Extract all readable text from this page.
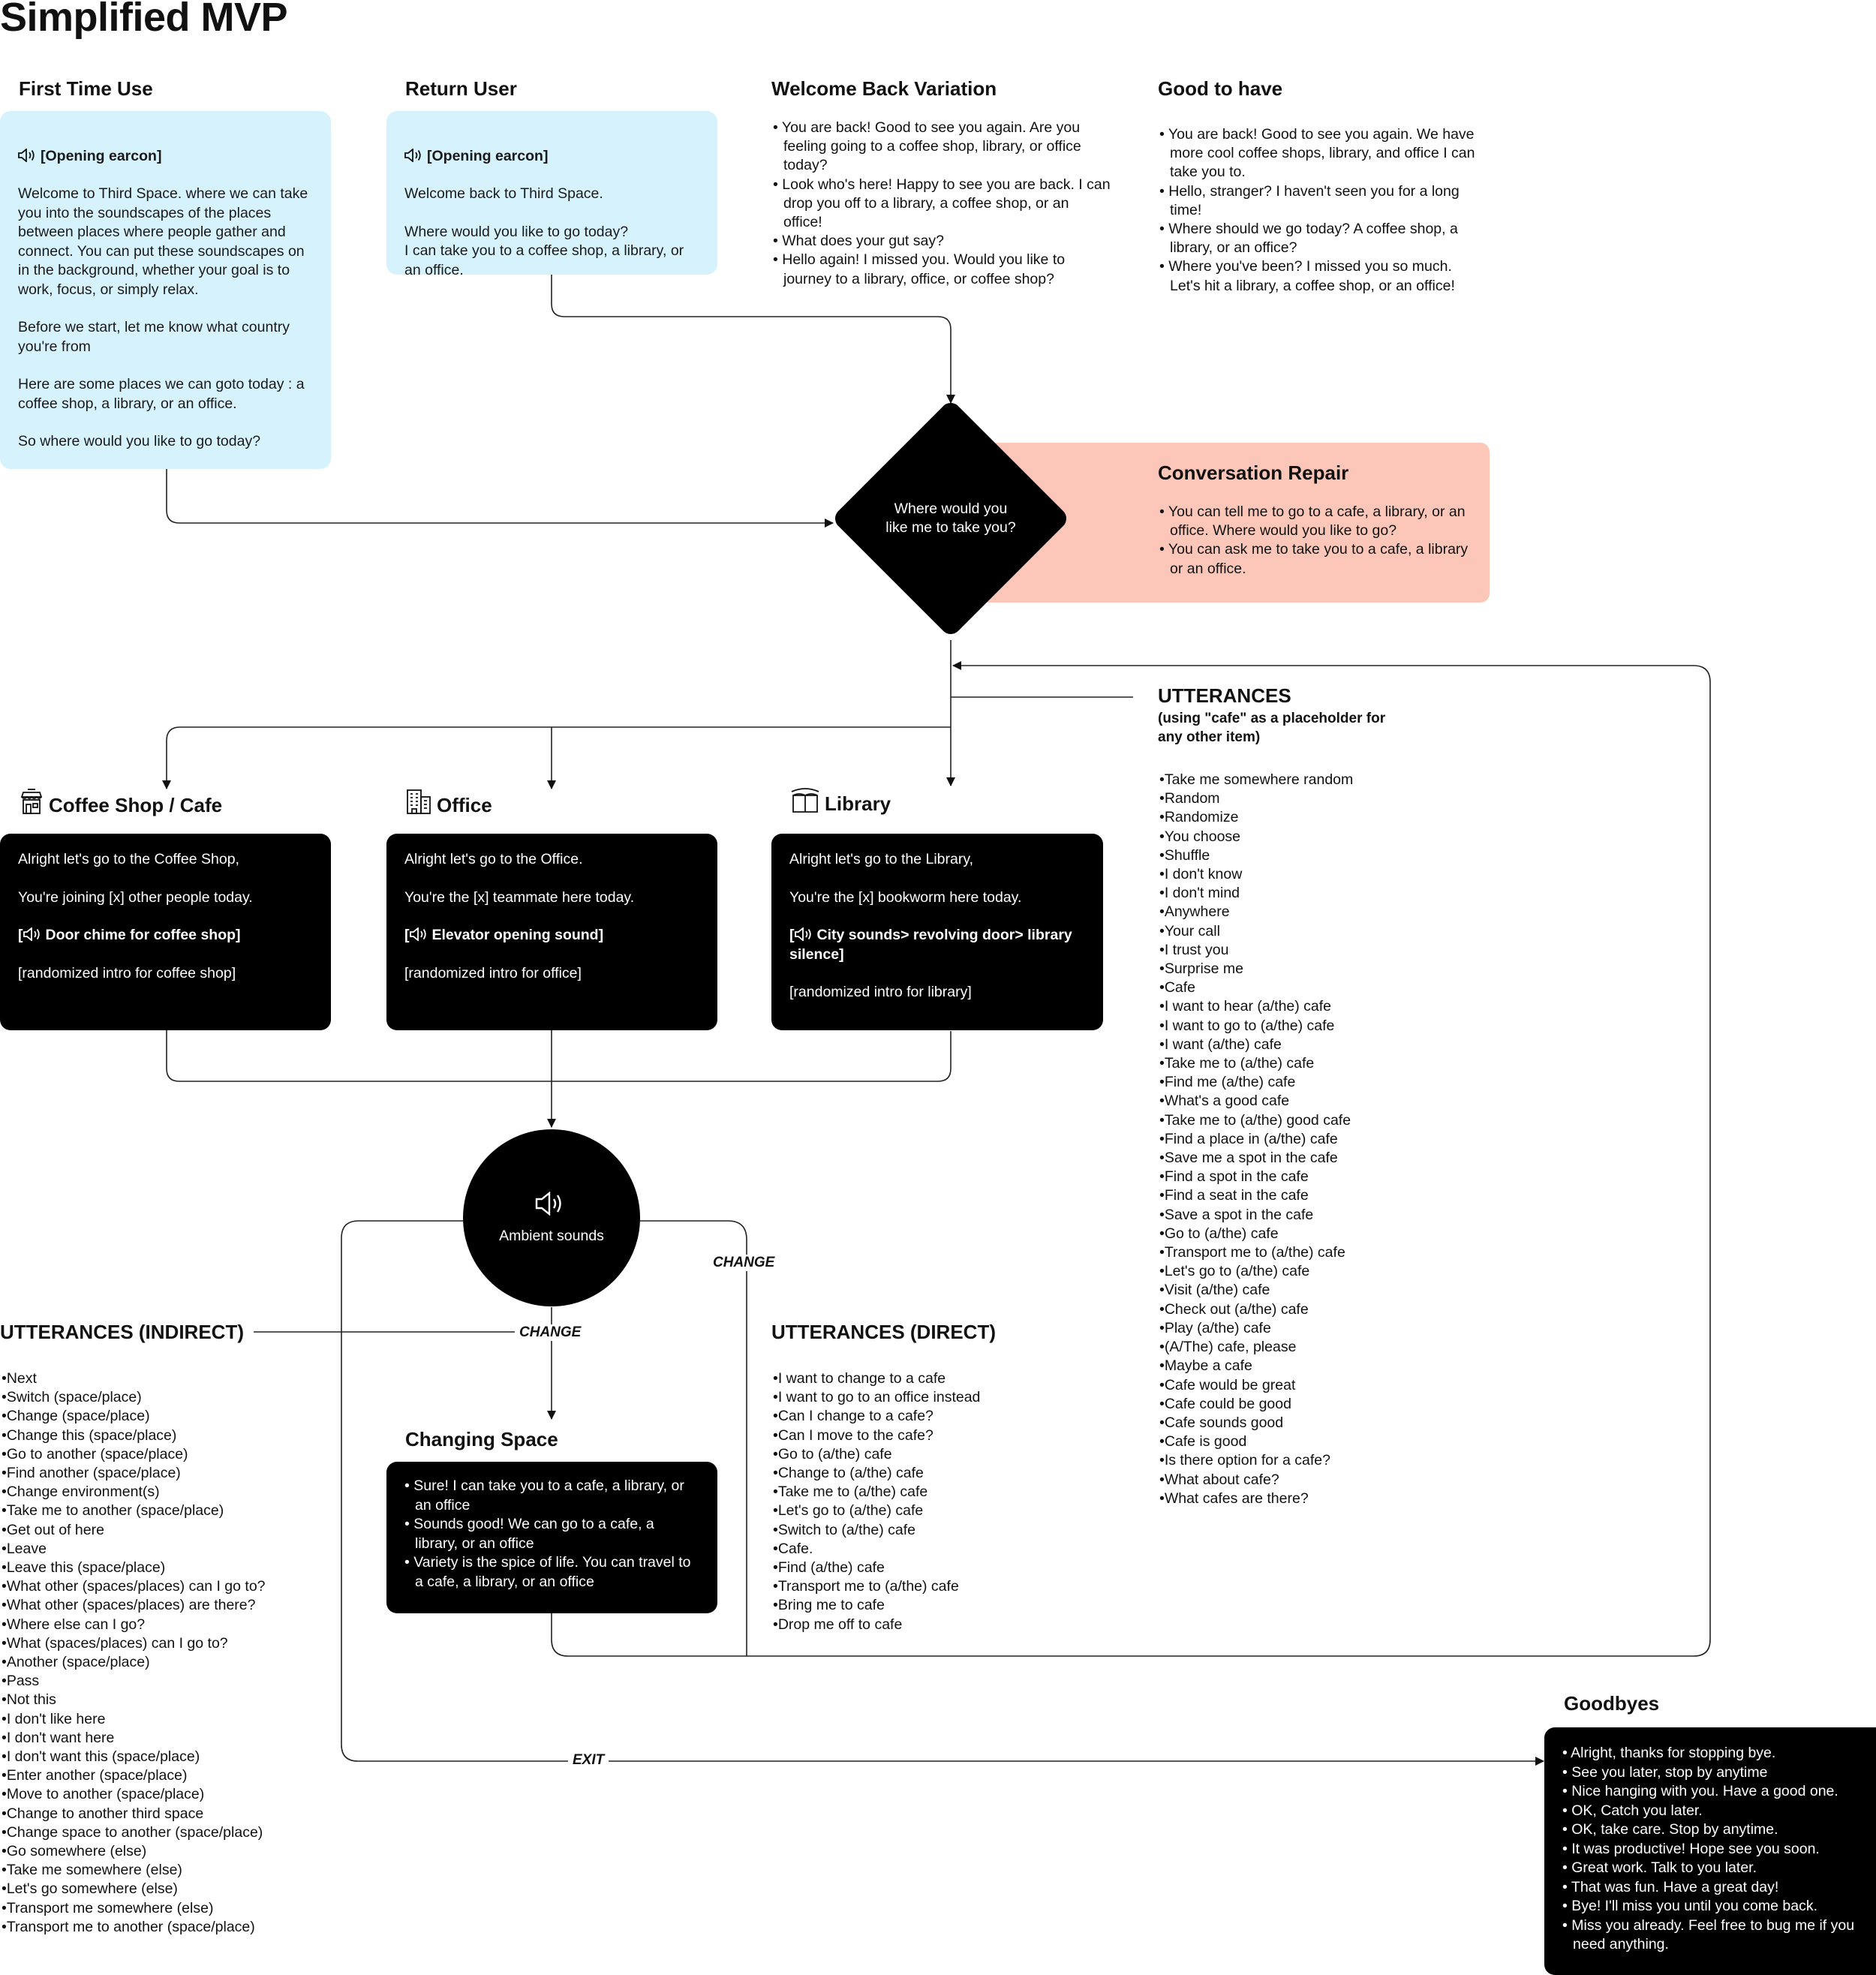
Simplified MVP
First Time Use

[Opening earcon]

Welcome to Third Space. where we can take you into the soundscapes of the places between places where people gather and connect. You can put these soundscapes on in the background, whether your goal is to work, focus, or simply relax.

Before we start, let me know what country you're from

Here are some places we can goto today : a coffee shop, a library, or an office.

So where would you like to go today?

Return User

[Opening earcon]

Welcome back to Third Space.

Where would you like to go today?
I can take you to a coffee shop, a library, or an office.

Welcome Back Variation
• You are back! Good to see you again. Are you feeling going to a coffee shop, library, or office today?
• Look who's here! Happy to see you are back. I can drop you off to a library, a coffee shop, or an office!
• What does your gut say?
• Hello again! I missed you. Would you like to journey to a library, office, or coffee shop?
Good to have
• You are back! Good to see you again. We have more cool coffee shops, library, and office I can take you to.
• Hello, stranger? I haven't seen you for a long time!
• Where should we go today? A coffee shop, a library, or an office?
• Where you've been? I missed you so much. Let's hit a library, a coffee shop, or an office!
Conversation Repair
• You can tell me to go to a cafe, a library, or an office. Where would you like to go?
• You can ask me to take you to a cafe, a library or an office.
Where would you
like me to take you?
UTTERANCES
(using "cafe" as a placeholder for any other item)
• Take me somewhere random
• Random
• Randomize
• You choose
• Shuffle
• I don't know
• I don't mind
• Anywhere
• Your call
• I trust you
• Surprise me
• Cafe
• I want to hear (a/the) cafe
• I want to go to (a/the) cafe
• I want (a/the) cafe
• Take me to (a/the) cafe
• Find me (a/the) cafe
• What's a good cafe
• Take me to (a/the) good cafe
• Find a place in (a/the) cafe
• Save me a spot in the cafe
• Find a spot in the cafe
• Find a seat in the cafe
• Save a spot in the cafe
• Go to (a/the) cafe
• Transport me to (a/the) cafe
• Let's go to (a/the) cafe
• Visit (a/the) cafe
• Check out (a/the) cafe
• Play (a/the) cafe
• (A/The) cafe, please
• Maybe a cafe
• Cafe would be great
• Cafe could be good
• Cafe sounds good
• Cafe is good
• Is there option for a cafe?
• What about cafe?
• What cafes are there?
Coffee Shop / Cafe

Alright let's go to the Coffee Shop,

You're joining [x] other people today.

[ Door chime for coffee shop]

[randomized intro for coffee shop]

Office

Alright let's go to the Office.

You're the [x] teammate here today.

[ Elevator opening sound]

[randomized intro for office]

Library

Alright let's go to the Library,

You're the [x] bookworm here today.

[ City sounds> revolving door> library silence]

[randomized intro for library]

Ambient sounds
CHANGE
CHANGE
EXIT
UTTERANCES (INDIRECT)
• Next
• Switch (space/place)
• Change (space/place)
• Change this (space/place)
• Go to another (space/place)
• Find another (space/place)
• Change environment(s)
• Take me to another (space/place)
• Get out of here
• Leave
• Leave this (space/place)
• What other (spaces/places) can I go to?
• What other (spaces/places) are there?
• Where else can I go?
• What (spaces/places) can I go to?
• Another (space/place)
• Pass
• Not this
• I don't like here
• I don't want here
• I don't want this (space/place)
• Enter another (space/place)
• Move to another (space/place)
• Change to another third space
• Change space to another (space/place)
• Go somewhere (else)
• Take me somewhere (else)
• Let's go somewhere (else)
• Transport me somewhere (else)
• Transport me to another (space/place)
UTTERANCES (DIRECT)
• I want to change to a cafe
• I want to go to an office instead
• Can I change to a cafe?
• Can I move to the cafe?
• Go to (a/the) cafe
• Change to (a/the) cafe
• Take me to (a/the) cafe
• Let's go to (a/the) cafe
• Switch to (a/the) cafe
• Cafe.
• Find (a/the) cafe
• Transport me to (a/the) cafe
• Bring me to cafe
• Drop me off to cafe
Changing Space
• Sure! I can take you to a cafe, a library, or an office
• Sounds good! We can go to a cafe, a library, or an office
• Variety is the spice of life. You can travel to a cafe, a library, or an office
Goodbyes
• Alright, thanks for stopping bye.
• See you later, stop by anytime
• Nice hanging with you. Have a good one.
• OK, Catch you later.
• OK, take care. Stop by anytime.
• It was productive! Hope see you soon.
• Great work. Talk to you later.
• That was fun. Have a great day!
• Bye! I'll miss you until you come back.
• Miss you already. Feel free to bug me if you need anything.
